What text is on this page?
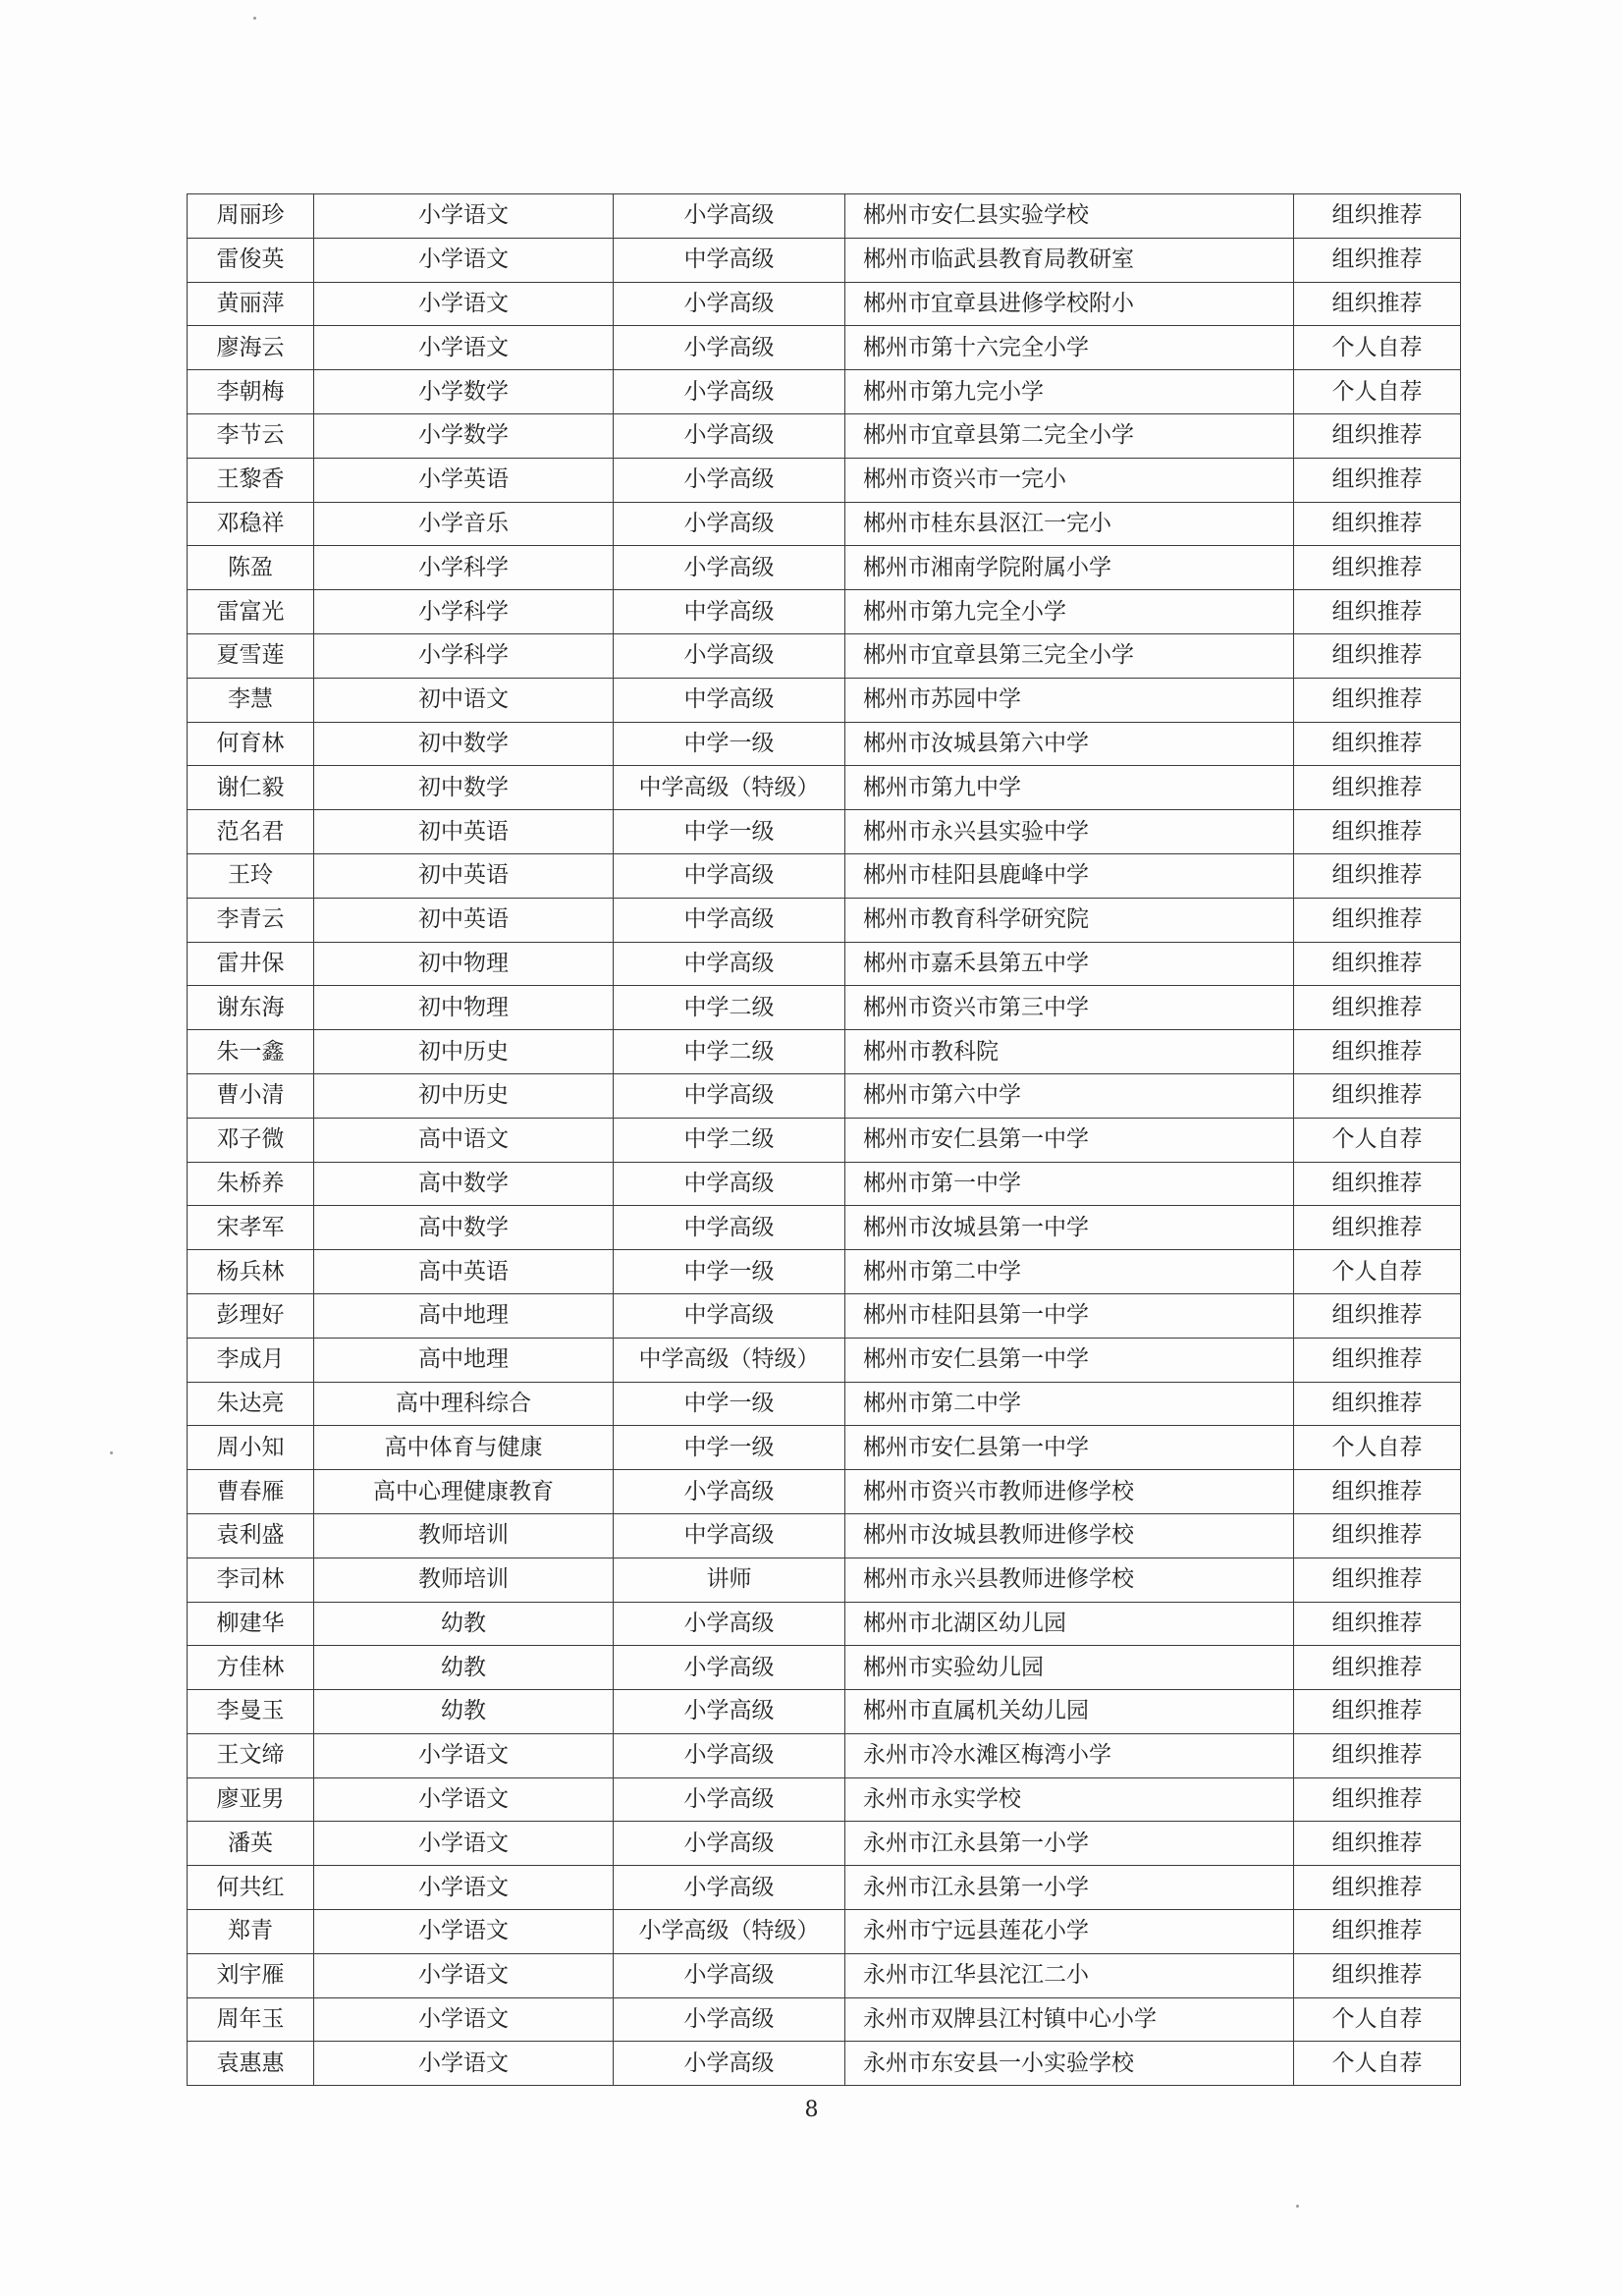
周丽珍	小学语文	小学高级	郴州市安仁县实验学校	组织推荐
雷俊英	小学语文	中学高级	郴州市临武县教育局教研室	组织推荐
黄丽萍	小学语文	小学高级	郴州市宜章县进修学校附小	组织推荐
廖海云	小学语文	小学高级	郴州市第十六完全小学	个人自荐
李朝梅	小学数学	小学高级	郴州市第九完小学	个人自荐
李节云	小学数学	小学高级	郴州市宜章县第二完全小学	组织推荐
王黎香	小学英语	小学高级	郴州市资兴市一完小	组织推荐
邓稳祥	小学音乐	小学高级	郴州市桂东县沤江一完小	组织推荐
陈盈	小学科学	小学高级	郴州市湘南学院附属小学	组织推荐
雷富光	小学科学	中学高级	郴州市第九完全小学	组织推荐
夏雪莲	小学科学	小学高级	郴州市宜章县第三完全小学	组织推荐
李慧	初中语文	中学高级	郴州市苏园中学	组织推荐
何育林	初中数学	中学一级	郴州市汝城县第六中学	组织推荐
谢仁毅	初中数学	中学高级（特级）	郴州市第九中学	组织推荐
范名君	初中英语	中学一级	郴州市永兴县实验中学	组织推荐
王玲	初中英语	中学高级	郴州市桂阳县鹿峰中学	组织推荐
李青云	初中英语	中学高级	郴州市教育科学研究院	组织推荐
雷井保	初中物理	中学高级	郴州市嘉禾县第五中学	组织推荐
谢东海	初中物理	中学二级	郴州市资兴市第三中学	组织推荐
朱一鑫	初中历史	中学二级	郴州市教科院	组织推荐
曹小清	初中历史	中学高级	郴州市第六中学	组织推荐
邓子微	高中语文	中学二级	郴州市安仁县第一中学	个人自荐
朱桥养	高中数学	中学高级	郴州市第一中学	组织推荐
宋孝军	高中数学	中学高级	郴州市汝城县第一中学	组织推荐
杨兵林	高中英语	中学一级	郴州市第二中学	个人自荐
彭理好	高中地理	中学高级	郴州市桂阳县第一中学	组织推荐
李成月	高中地理	中学高级（特级）	郴州市安仁县第一中学	组织推荐
朱达亮	高中理科综合	中学一级	郴州市第二中学	组织推荐
周小知	高中体育与健康	中学一级	郴州市安仁县第一中学	个人自荐
曹春雁	高中心理健康教育	小学高级	郴州市资兴市教师进修学校	组织推荐
袁利盛	教师培训	中学高级	郴州市汝城县教师进修学校	组织推荐
李司林	教师培训	讲师	郴州市永兴县教师进修学校	组织推荐
柳建华	幼教	小学高级	郴州市北湖区幼儿园	组织推荐
方佳林	幼教	小学高级	郴州市实验幼儿园	组织推荐
李曼玉	幼教	小学高级	郴州市直属机关幼儿园	组织推荐
王文缔	小学语文	小学高级	永州市冷水滩区梅湾小学	组织推荐
廖亚男	小学语文	小学高级	永州市永实学校	组织推荐
潘英	小学语文	小学高级	永州市江永县第一小学	组织推荐
何共红	小学语文	小学高级	永州市江永县第一小学	组织推荐
郑青	小学语文	小学高级（特级）	永州市宁远县莲花小学	组织推荐
刘宇雁	小学语文	小学高级	永州市江华县沱江二小	组织推荐
周年玉	小学语文	小学高级	永州市双牌县江村镇中心小学	个人自荐
袁惠惠	小学语文	小学高级	永州市东安县一小实验学校	个人自荐
8
